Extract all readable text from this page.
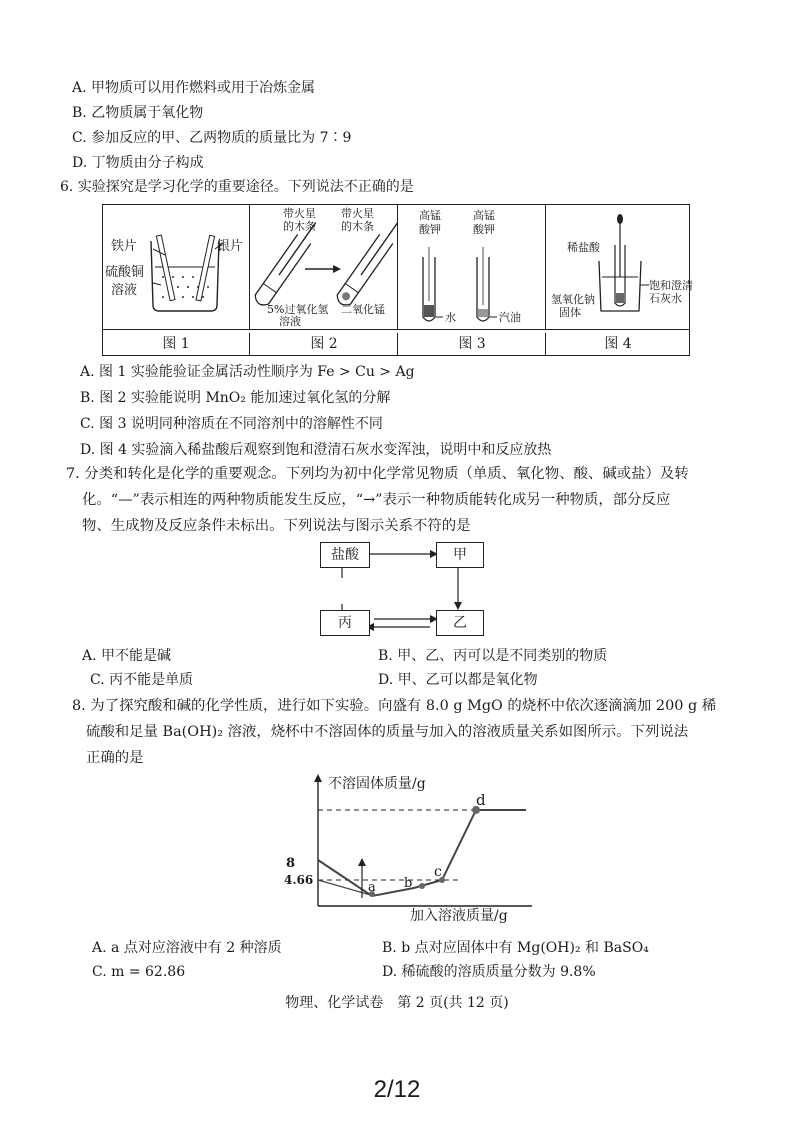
A. 甲物质可以用作燃料或用于冶炼金属
B. 乙物质属于氧化物
C. 参加反应的甲、乙两物质的质量比为 7∶9
D. 丁物质由分子构成
6. 实验探究是学习化学的重要途径。下列说法不正确的是
铁片	银片
硫酸铜
溶液
带火星
的木条
带火星
的木条
5%过氧化氢
溶液
二氧化锰
高锰
酸钾
高锰
酸钾
水	汽油
稀盐酸
氢氧化钠
固体
饱和澄清
石灰水
图 1	图 2	图 3	图 4
A. 图 1 实验能验证金属活动性顺序为 Fe > Cu > Ag
B. 图 2 实验能说明 MnO₂ 能加速过氧化氢的分解
C. 图 3 说明同种溶质在不同溶剂中的溶解性不同
D. 图 4 实验滴入稀盐酸后观察到饱和澄清石灰水变浑浊，说明中和反应放热
7. 分类和转化是化学的重要观念。下列均为初中化学常见物质（单质、氧化物、酸、碱或盐）及转
化。“—”表示相连的两种物质能发生反应，“→”表示一种物质能转化成另一种物质，部分反应
物、生成物及反应条件未标出。下列说法与图示关系不符的是
盐酸	甲
丙	乙
A. 甲不能是碱	B. 甲、乙、丙可以是不同类别的物质
C. 丙不能是单质	D. 甲、乙可以都是氧化物
8. 为了探究酸和碱的化学性质，进行如下实验。向盛有 8.0 g MgO 的烧杯中依次逐滴滴加 200 g 稀
硫酸和足量 Ba(OH)₂ 溶液，烧杯中不溶固体的质量与加入的溶液质量关系如图所示。下列说法
正确的是
不溶固体质量/g
加入溶液质量/g
8
4.66	a b
c
d
A. a 点对应溶液中有 2 种溶质	B. b 点对应固体中有 Mg(OH)₂ 和 BaSO₄
C. m = 62.86	D. 稀硫酸的溶质质量分数为 9.8%
物理、化学试卷　第 2 页(共 12 页)
2/12
